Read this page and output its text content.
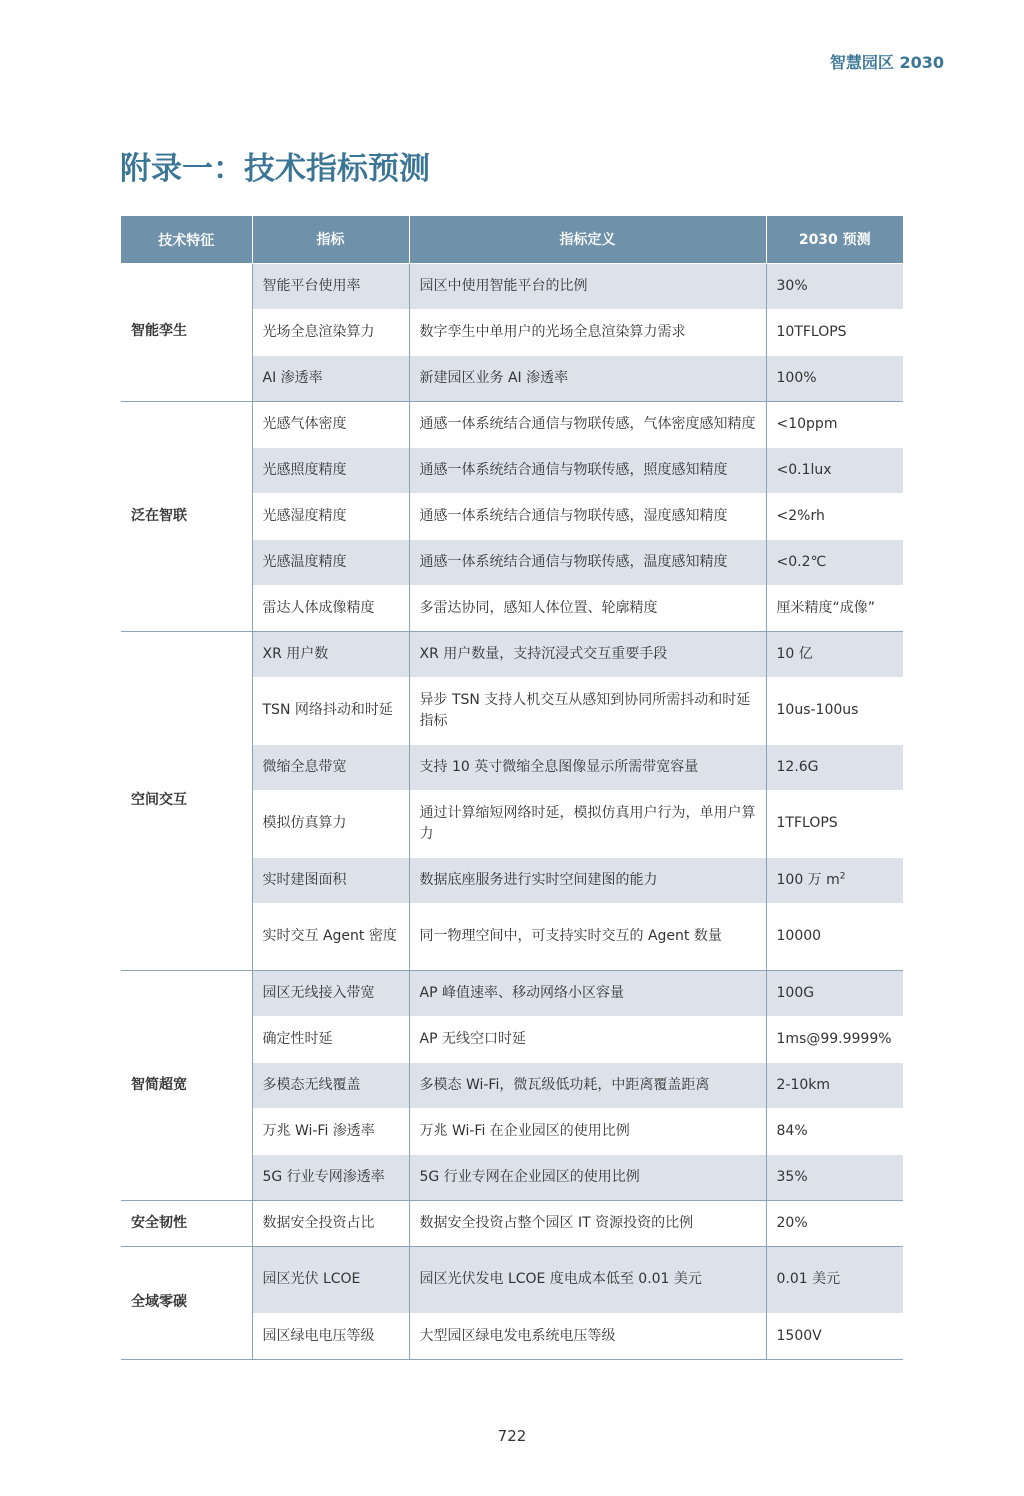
智慧园区 2030
附录一：技术指标预测
技术特征	指标	指标定义	2030 预测
智能孪生	智能平台使用率	园区中使用智能平台的比例	30%
	光场全息渲染算力	数字孪生中单用户的光场全息渲染算力需求	10TFLOPS
	AI 渗透率	新建园区业务 AI 渗透率	100%
泛在智联	光感气体密度	通感一体系统结合通信与物联传感，气体密度感知精度	<10ppm
	光感照度精度	通感一体系统结合通信与物联传感，照度感知精度	<0.1lux
	光感湿度精度	通感一体系统结合通信与物联传感，湿度感知精度	<2%rh
	光感温度精度	通感一体系统结合通信与物联传感，温度感知精度	<0.2℃
	雷达人体成像精度	多雷达协同，感知人体位置、轮廓精度	厘米精度“成像”
空间交互	XR 用户数	XR 用户数量，支持沉浸式交互重要手段	10 亿
	TSN 网络抖动和时延	异步 TSN 支持人机交互从感知到协同所需抖动和时延指标	10us-100us
	微缩全息带宽	支持 10 英寸微缩全息图像显示所需带宽容量	12.6G
	模拟仿真算力	通过计算缩短网络时延，模拟仿真用户行为，单用户算力	1TFLOPS
	实时建图面积	数据底座服务进行实时空间建图的能力	100 万 $m^2$
	实时交互 Agent 密度	同一物理空间中，可支持实时交互的 Agent 数量	10000
智简超宽	园区无线接入带宽	AP 峰值速率、移动网络小区容量	100G
	确定性时延	AP 无线空口时延	1ms@99.9999%
	多模态无线覆盖	多模态 Wi-Fi，微瓦级低功耗，中距离覆盖距离	2-10km
	万兆 Wi-Fi 渗透率	万兆 Wi-Fi 在企业园区的使用比例	84%
	5G 行业专网渗透率	5G 行业专网在企业园区的使用比例	35%
安全韧性	数据安全投资占比	数据安全投资占整个园区 IT 资源投资的比例	20%
全域零碳	园区光伏 LCOE	园区光伏发电 LCOE 度电成本低至 0.01 美元	0.01 美元
	园区绿电电压等级	大型园区绿电发电系统电压等级	1500V
722
